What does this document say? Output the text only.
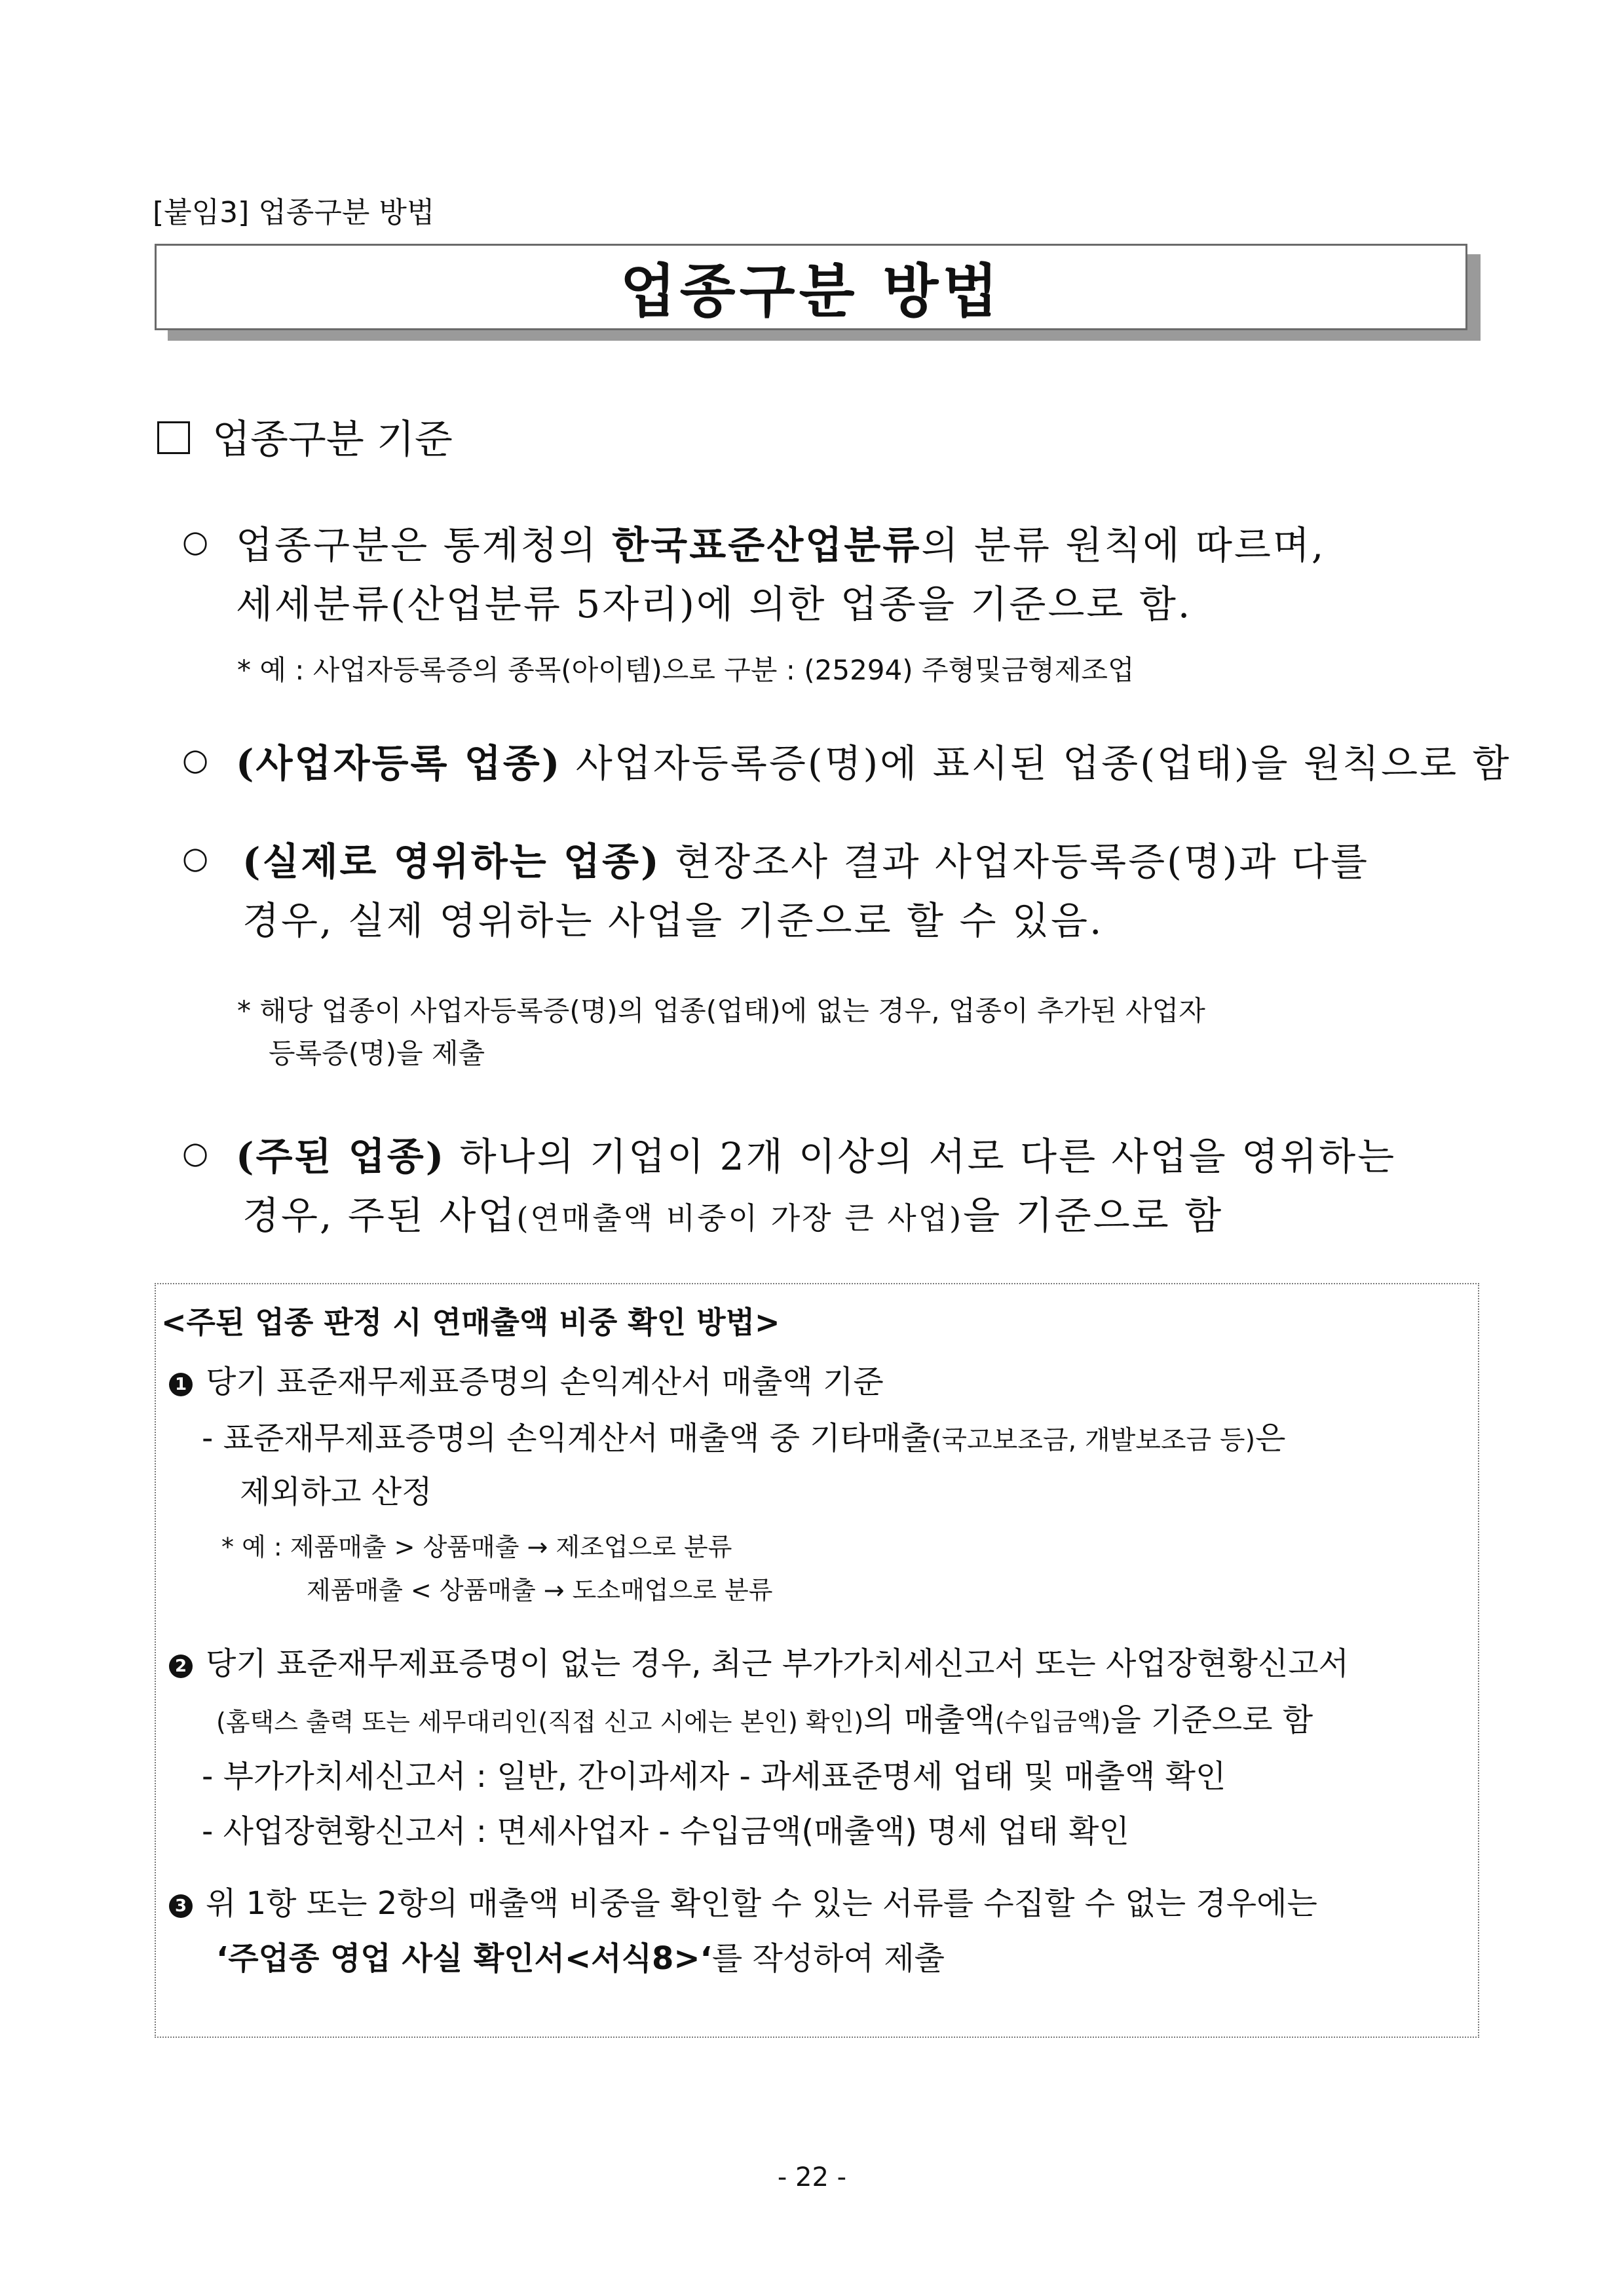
[붙임3] 업종구분 방법
업종구분 방법
업종구분 기준
○ 업종구분은 통계청의 한국표준산업분류의 분류 원칙에 따르며,
세세분류(산업분류 5자리)에 의한 업종을 기준으로 함.
* 예 : 사업자등록증의 종목(아이템)으로 구분 : (25294) 주형및금형제조업
○ (사업자등록 업종) 사업자등록증(명)에 표시된 업종(업태)을 원칙으로 함
○ (실제로 영위하는 업종) 현장조사 결과 사업자등록증(명)과 다를
경우, 실제 영위하는 사업을 기준으로 할 수 있음.
* 해당 업종이 사업자등록증(명)의 업종(업태)에 없는 경우, 업종이 추가된 사업자
등록증(명)을 제출
○ (주된 업종) 하나의 기업이 2개 이상의 서로 다른 사업을 영위하는
경우, 주된 사업(연매출액 비중이 가장 큰 사업)을 기준으로 함
<주된 업종 판정 시 연매출액 비중 확인 방법>
1 당기 표준재무제표증명의 손익계산서 매출액 기준
- 표준재무제표증명의 손익계산서 매출액 중 기타매출(국고보조금, 개발보조금 등)은
제외하고 산정
* 예 : 제품매출 > 상품매출 → 제조업으로 분류
제품매출 < 상품매출 → 도소매업으로 분류
2 당기 표준재무제표증명이 없는 경우, 최근 부가가치세신고서 또는 사업장현황신고서
(홈택스 출력 또는 세무대리인(직접 신고 시에는 본인) 확인)의 매출액(수입금액)을 기준으로 함
- 부가가치세신고서 : 일반, 간이과세자 - 과세표준명세 업태 및 매출액 확인
- 사업장현황신고서 : 면세사업자 - 수입금액(매출액) 명세 업태 확인
3 위 1항 또는 2항의 매출액 비중을 확인할 수 있는 서류를 수집할 수 없는 경우에는
‘주업종 영업 사실 확인서<서식8>‘를 작성하여 제출
- 22 -
